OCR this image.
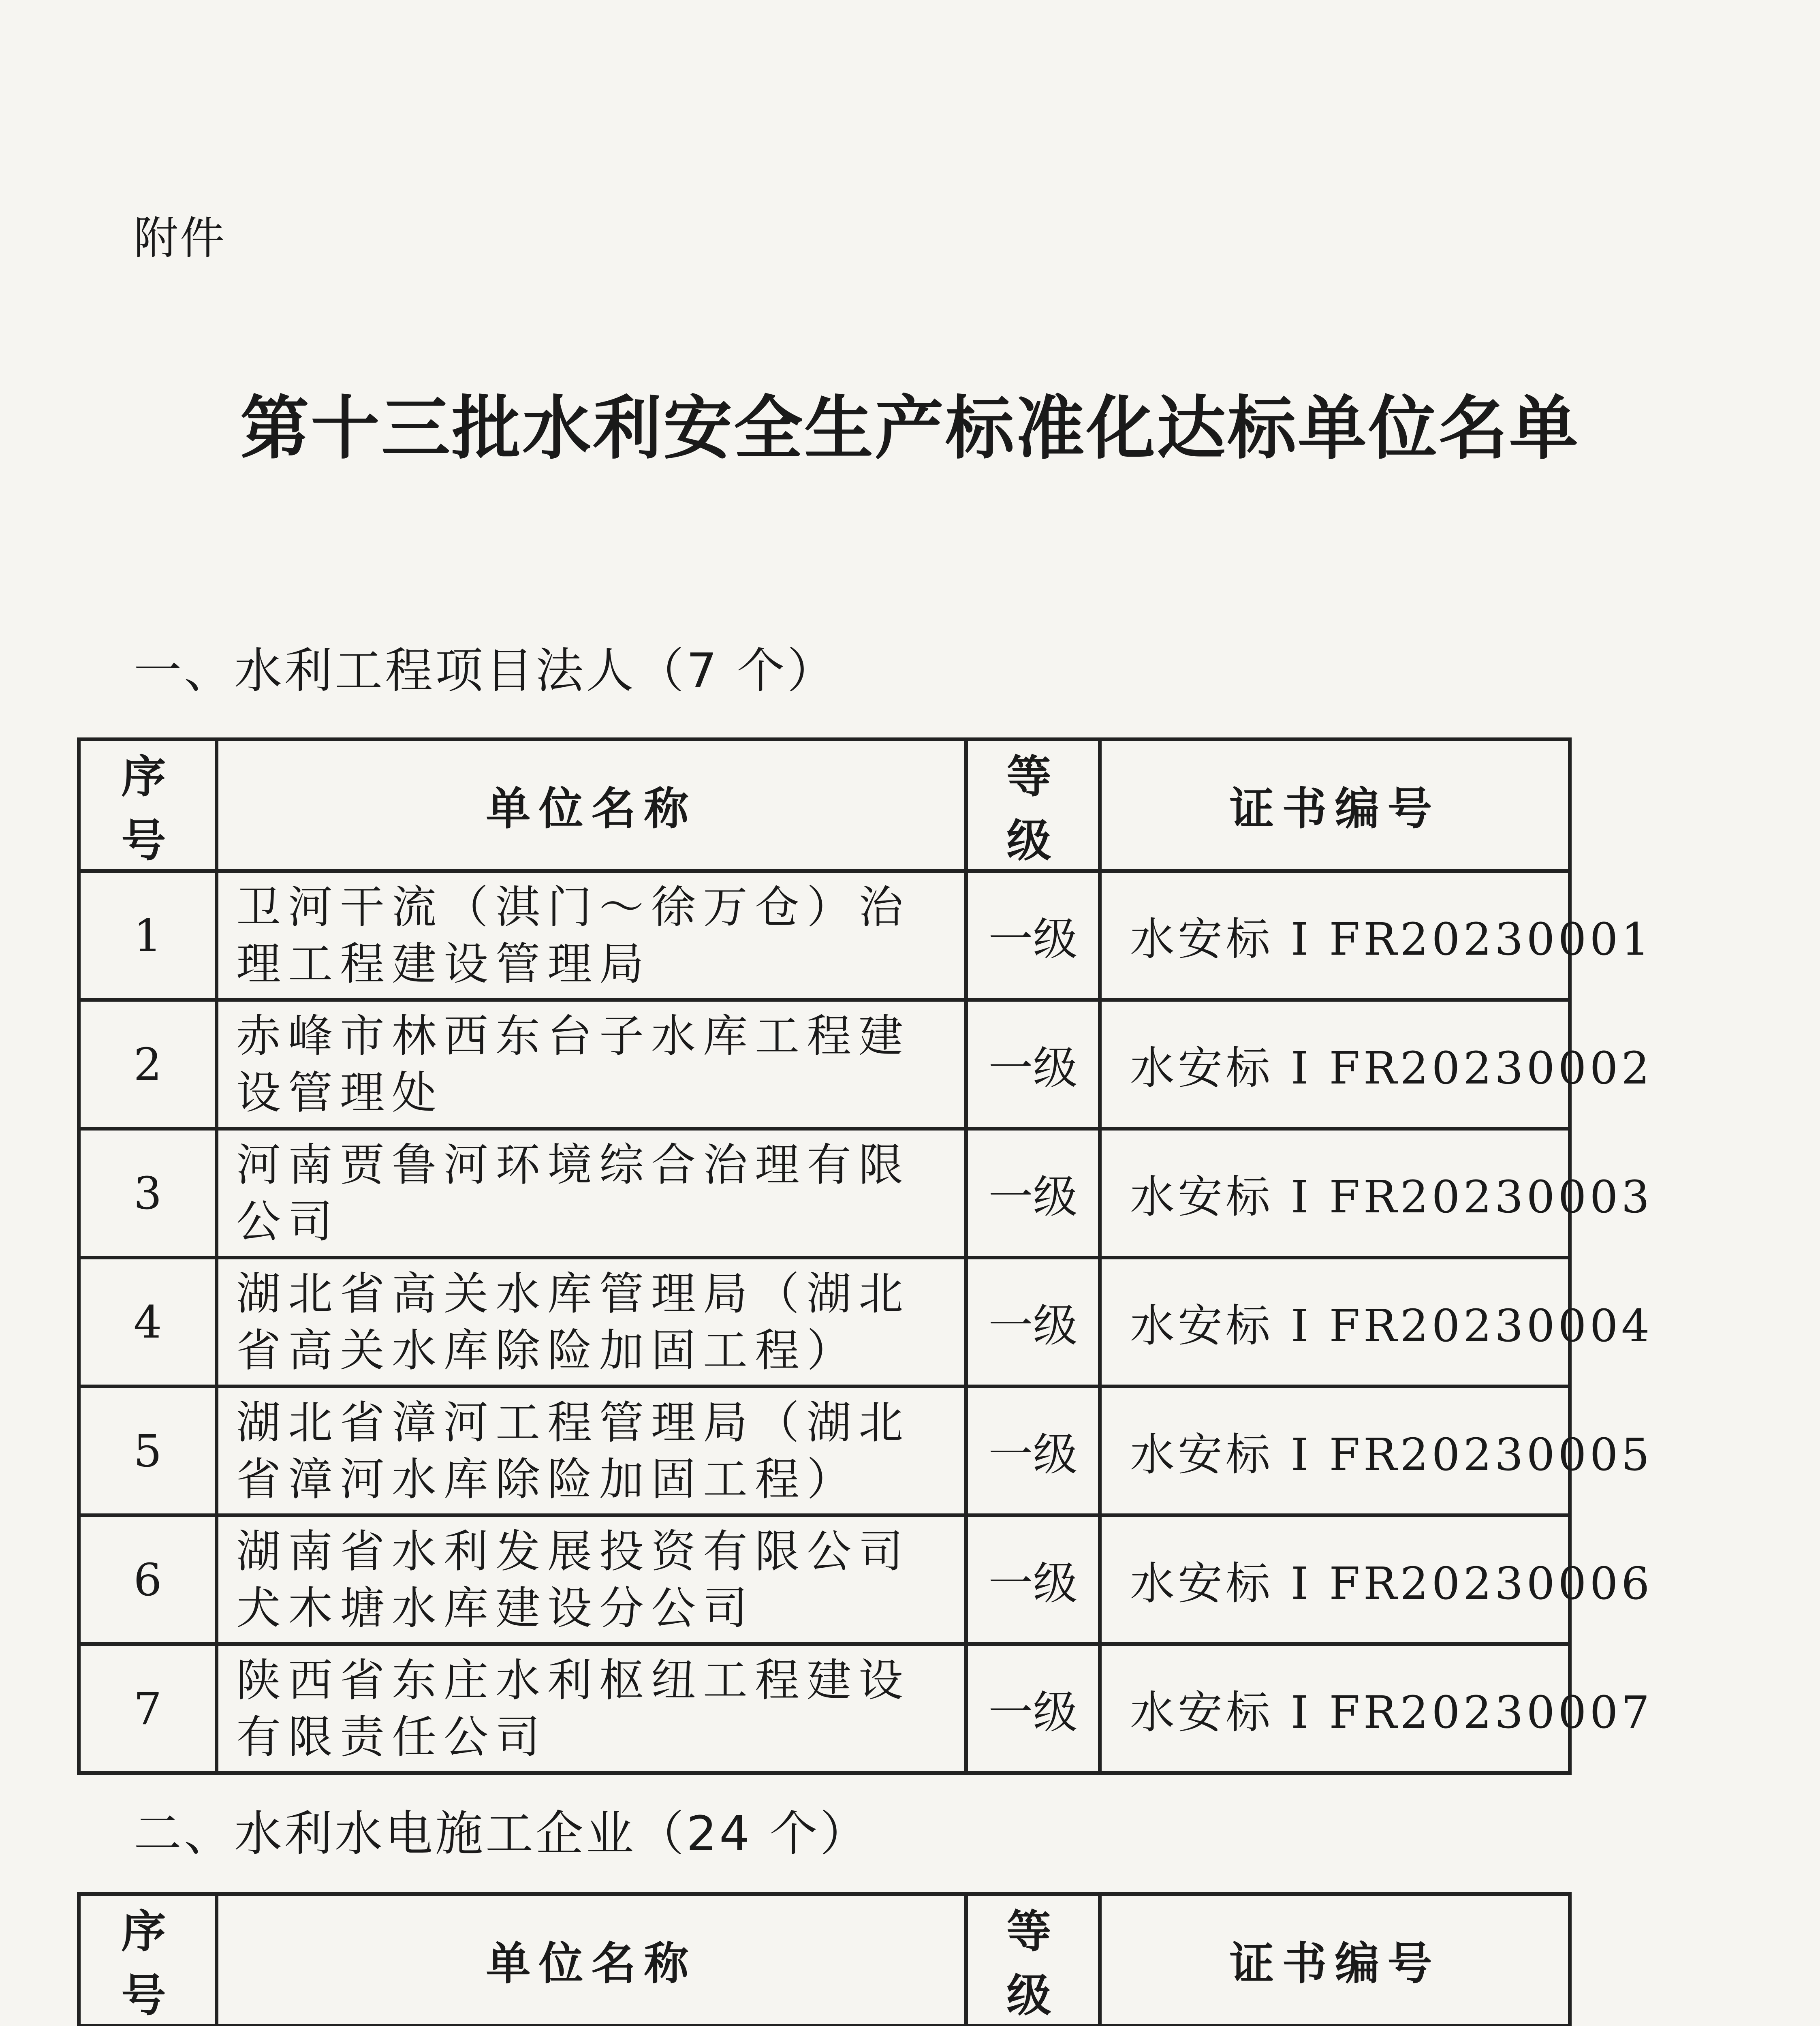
附件
第十三批水利安全生产标准化达标单位名单
一、水利工程项目法人（7 个）
序号	单位名称	等级	证书编号
1	卫河干流（淇门～徐万仓）治理工程建设管理局	一级	水安标 I FR20230001
2	赤峰市林西东台子水库工程建设管理处	一级	水安标 I FR20230002
3	河南贾鲁河环境综合治理有限公司	一级	水安标 I FR20230003
4	湖北省高关水库管理局（湖北省高关水库除险加固工程）	一级	水安标 I FR20230004
5	湖北省漳河工程管理局（湖北省漳河水库除险加固工程）	一级	水安标 I FR20230005
6	湖南省水利发展投资有限公司犬木塘水库建设分公司	一级	水安标 I FR20230006
7	陕西省东庄水利枢纽工程建设有限责任公司	一级	水安标 I FR20230007
二、水利水电施工企业（24 个）
序号	单位名称	等级	证书编号
